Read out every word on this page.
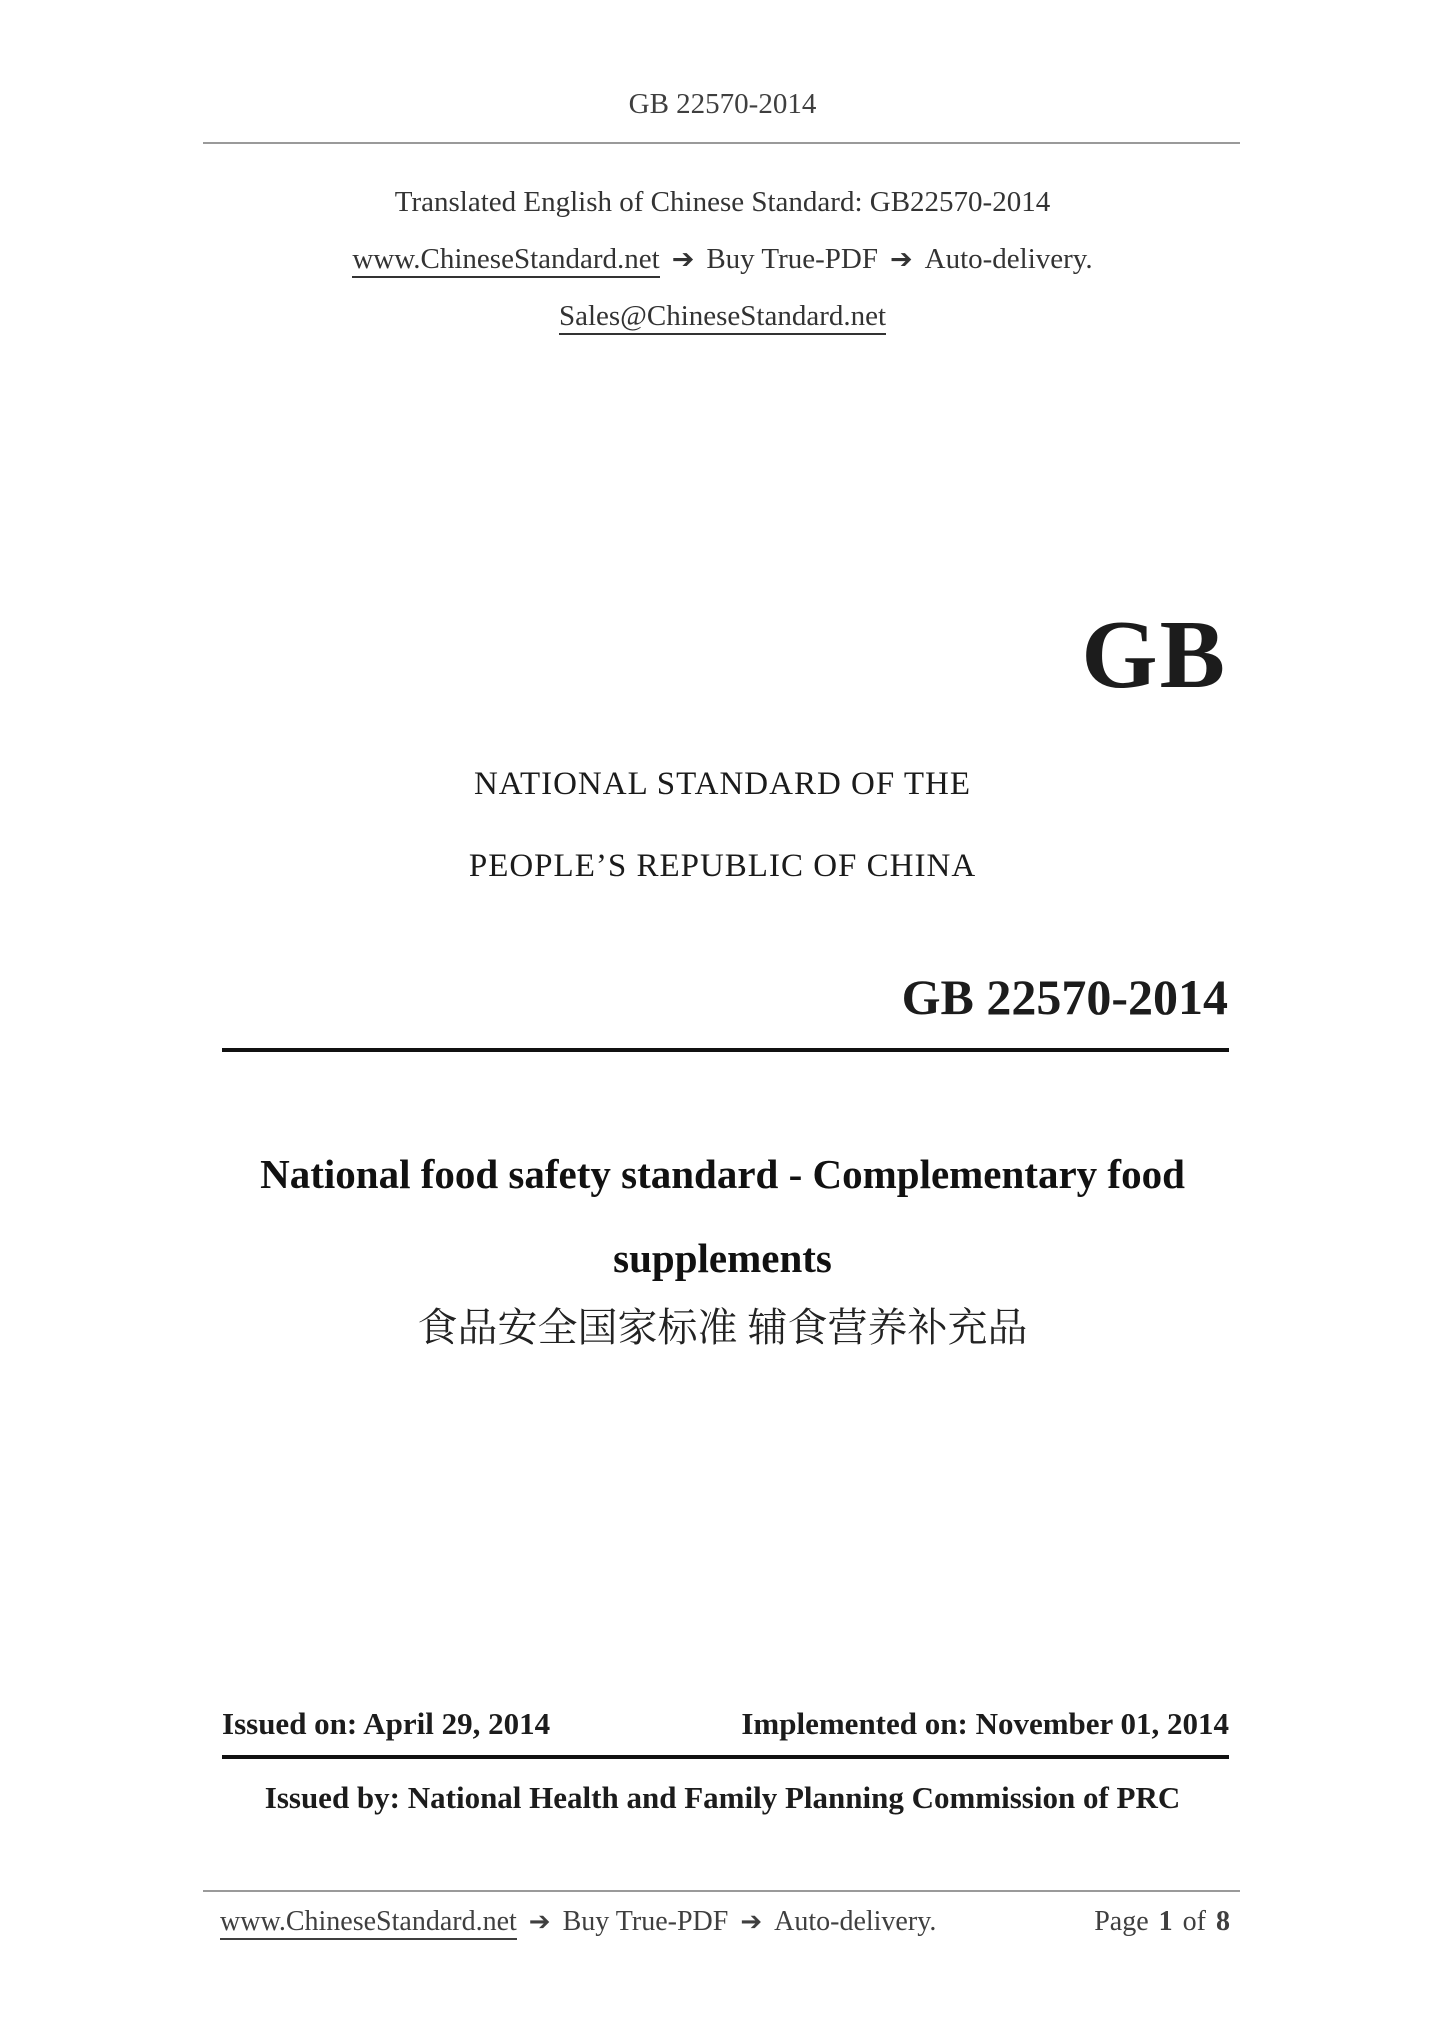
GB 22570-2014
Translated English of Chinese Standard: GB22570-2014
www.ChineseStandard.net ➔ Buy True-PDF ➔ Auto-delivery.
Sales@ChineseStandard.net
GB
NATIONAL STANDARD OF THE
PEOPLE’S REPUBLIC OF CHINA
GB 22570-2014
National food safety standard - Complementary food
supplements
食品安全国家标准 辅食营养补充品
Issued on: April 29, 2014	Implemented on: November 01, 2014
Issued by: National Health and Family Planning Commission of PRC
www.ChineseStandard.net ➔ Buy True-PDF ➔ Auto-delivery.	Page 1 of 8
